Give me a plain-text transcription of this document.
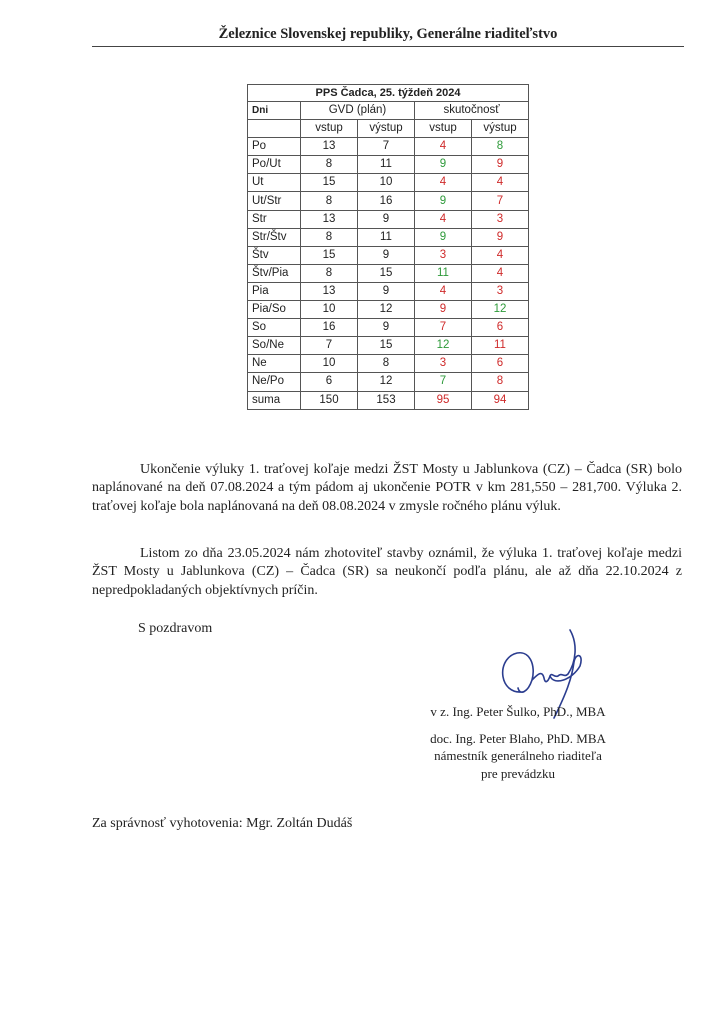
Železnice Slovenskej republiky, Generálne riaditeľstvo
PPS Čadca, 25. týždeň 2024				
Dni	GVD (plán)		skutočnosť	
	vstup	výstup	vstup	výstup
Po	13	7	4	8
Po/Ut	8	11	9	9
Ut	15	10	4	4
Ut/Str	8	16	9	7
Str	13	9	4	3
Str/Štv	8	11	9	9
Štv	15	9	3	4
Štv/Pia	8	15	11	4
Pia	13	9	4	3
Pia/So	10	12	9	12
So	16	9	7	6
So/Ne	7	15	12	11
Ne	10	8	3	6
Ne/Po	6	12	7	8
suma	150	153	95	94

Ukončenie výluky 1. traťovej koľaje medzi ŽST Mosty u Jablunkova (CZ) – Čadca (SR) bolo naplánované na deň 07.08.2024 a tým pádom aj ukončenie POTR v km 281,550 – 281,700. Výluka 2. traťovej koľaje bola naplánovaná na deň 08.08.2024 v zmysle ročného plánu výluk.

Listom zo dňa 23.05.2024 nám zhotoviteľ stavby oznámil, že výluka 1. traťovej koľaje medzi ŽST Mosty u Jablunkova (CZ) – Čadca (SR) sa neukončí podľa plánu, ale až dňa 22.10.2024 z nepredpokladaných objektívnych príčin.

S pozdravom
v z. Ing. Peter Šulko, PhD., MBA
doc. Ing. Peter Blaho, PhD. MBA
námestník generálneho riaditeľa
pre prevádzku
Za správnosť vyhotovenia: Mgr. Zoltán Dudáš
